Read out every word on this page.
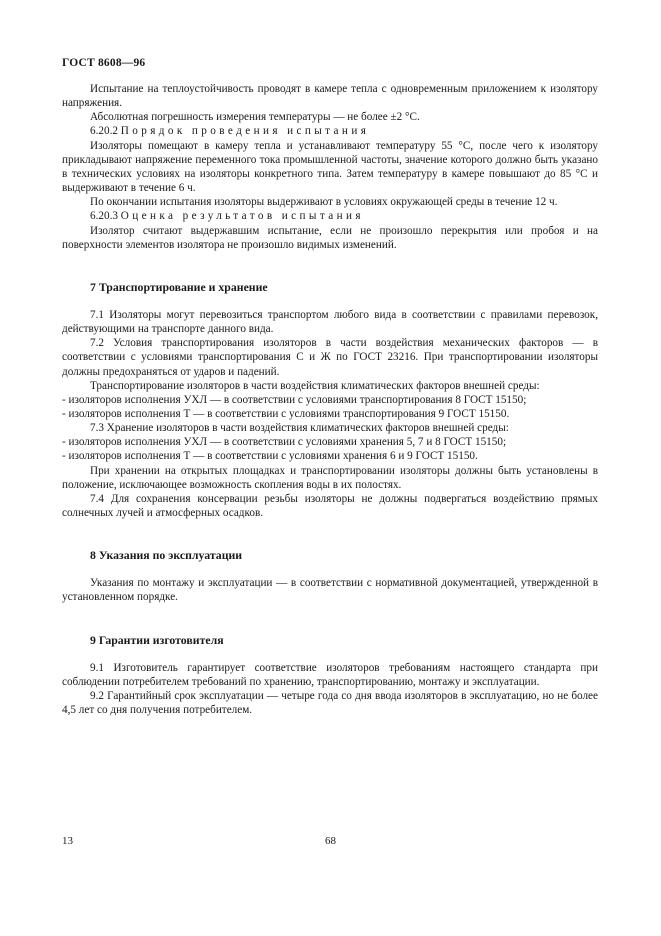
ГОСТ 8608—96

Испытание на теплоустойчивость проводят в камере тепла с одновременным приложением к изолятору напряжения.

Абсолютная погрешность измерения температуры — не более ±2 °С.

6.20.2 Порядок проведения испытания

Изоляторы помещают в камеру тепла и устанавливают температуру 55 °С, после чего к изолятору прикладывают напряжение переменного тока промышленной частоты, значение которого должно быть указано в технических условиях на изоляторы конкретного типа. Затем температуру в камере повышают до 85 °С и выдерживают в течение 6 ч.

По окончании испытания изоляторы выдерживают в условиях окружающей среды в течение 12 ч.

6.20.3 Оценка результатов испытания

Изолятор считают выдержавшим испытание, если не произошло перекрытия или пробоя и на поверхности элементов изолятора не произошло видимых изменений.

7 Транспортирование и хранение

7.1 Изоляторы могут перевозиться транспортом любого вида в соответствии с правилами перевозок, действующими на транспорте данного вида.

7.2 Условия транспортирования изоляторов в части воздействия механических факторов — в соответствии с условиями транспортирования С и Ж по ГОСТ 23216. При транспортировании изоляторы должны предохраняться от ударов и падений.

Транспортирование изоляторов в части воздействия климатических факторов внешней среды:

- изоляторов исполнения УХЛ — в соответствии с условиями транспортирования 8 ГОСТ 15150;

- изоляторов исполнения Т — в соответствии с условиями транспортирования 9 ГОСТ 15150.

7.3 Хранение изоляторов в части воздействия климатических факторов внешней среды:

- изоляторов исполнения УХЛ — в соответствии с условиями хранения 5, 7 и 8 ГОСТ 15150;

- изоляторов исполнения Т — в соответствии с условиями хранения 6 и 9 ГОСТ 15150.

При хранении на открытых площадках и транспортировании изоляторы должны быть установлены в положение, исключающее возможность скопления воды в их полостях.

7.4 Для сохранения консервации резьбы изоляторы не должны подвергаться воздействию прямых солнечных лучей и атмосферных осадков.

8 Указания по эксплуатации

Указания по монтажу и эксплуатации — в соответствии с нормативной документацией, утвержденной в установленном порядке.

9 Гарантии изготовителя

9.1 Изготовитель гарантирует соответствие изоляторов требованиям настоящего стандарта при соблюдении потребителем требований по хранению, транспортированию, монтажу и эксплуатации.

9.2 Гарантийный срок эксплуатации — четыре года со дня ввода изоляторов в эксплуатацию, но не более 4,5 лет со дня получения потребителем.

13	68
